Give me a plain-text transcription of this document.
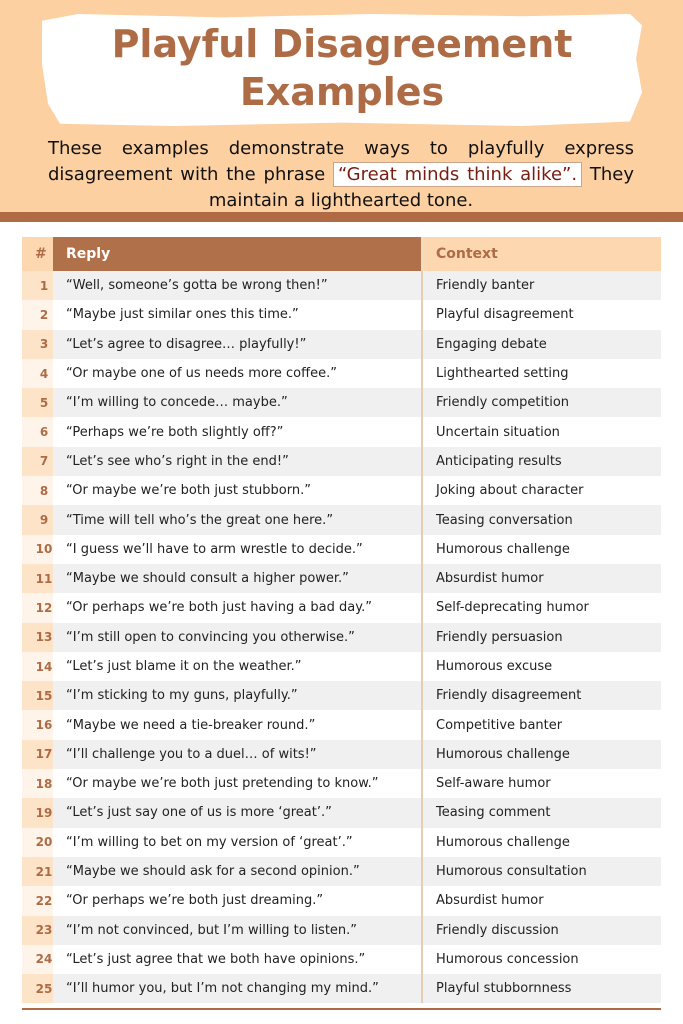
Playful Disagreement Examples
These examples demonstrate ways to playfully express disagreement with the phrase “Great minds think alike”. They maintain a lighthearted tone.
#	Reply	Context
1	“Well, someone’s gotta be wrong then!”	Friendly banter
2	“Maybe just similar ones this time.”	Playful disagreement
3	“Let’s agree to disagree… playfully!”	Engaging debate
4	“Or maybe one of us needs more coffee.”	Lighthearted setting
5	“I’m willing to concede… maybe.”	Friendly competition
6	“Perhaps we’re both slightly off?”	Uncertain situation
7	“Let’s see who’s right in the end!”	Anticipating results
8	“Or maybe we’re both just stubborn.”	Joking about character
9	“Time will tell who’s the great one here.”	Teasing conversation
10	“I guess we’ll have to arm wrestle to decide.”	Humorous challenge
11	“Maybe we should consult a higher power.”	Absurdist humor
12	“Or perhaps we’re both just having a bad day.”	Self-deprecating humor
13	“I’m still open to convincing you otherwise.”	Friendly persuasion
14	“Let’s just blame it on the weather.”	Humorous excuse
15	“I’m sticking to my guns, playfully.”	Friendly disagreement
16	“Maybe we need a tie-breaker round.”	Competitive banter
17	“I’ll challenge you to a duel… of wits!”	Humorous challenge
18	“Or maybe we’re both just pretending to know.”	Self-aware humor
19	“Let’s just say one of us is more ‘great’.”	Teasing comment
20	“I’m willing to bet on my version of ‘great’.”	Humorous challenge
21	“Maybe we should ask for a second opinion.”	Humorous consultation
22	“Or perhaps we’re both just dreaming.”	Absurdist humor
23	“I’m not convinced, but I’m willing to listen.”	Friendly discussion
24	“Let’s just agree that we both have opinions.”	Humorous concession
25	“I’ll humor you, but I’m not changing my mind.”	Playful stubbornness
